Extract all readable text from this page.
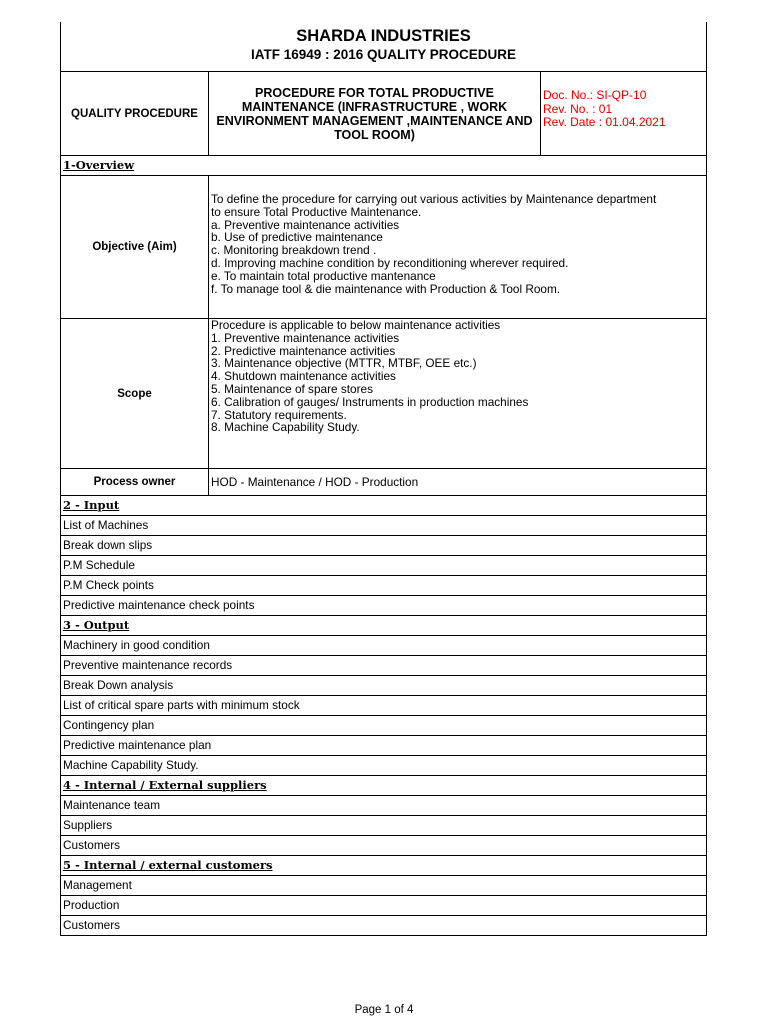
SHARDA INDUSTRIES
IATF 16949 : 2016 QUALITY PROCEDURE
QUALITY PROCEDURE
PROCEDURE FOR TOTAL PRODUCTIVE MAINTENANCE (INFRASTRUCTURE , WORK ENVIRONMENT MANAGEMENT ,MAINTENANCE AND TOOL ROOM)
Doc. No.: SI-QP-10
Rev. No. : 01
Rev. Date : 01.04.2021
1-Overview
Objective (Aim)
To define the procedure for carrying out various activities by Maintenance department
to ensure Total Productive Maintenance.
a. Preventive maintenance activities
b. Use of predictive maintenance
c. Monitoring breakdown trend .
d. Improving machine condition by reconditioning wherever required.
e. To maintain total productive mantenance
f. To manage tool & die maintenance with Production & Tool Room.
Scope
Procedure is applicable to below maintenance activities
1. Preventive maintenance activities
2. Predictive maintenance activities
3. Maintenance objective (MTTR, MTBF, OEE etc.)
4. Shutdown maintenance activities
5. Maintenance of spare stores
6. Calibration of gauges/ Instruments in production machines
7. Statutory requirements.
8. Machine Capability Study.
Process owner	HOD - Maintenance / HOD - Production
2 - Input
List of Machines
Break down slips
P.M Schedule
P.M Check points
Predictive maintenance check points
3 - Output
Machinery in good condition
Preventive maintenance records
Break Down analysis
List of critical spare parts with minimum stock
Contingency plan
Predictive maintenance plan
Machine Capability Study.
4 - Internal / External suppliers
Maintenance team
Suppliers
Customers
5 - Internal / external customers
Management
Production
Customers
Page 1 of 4
